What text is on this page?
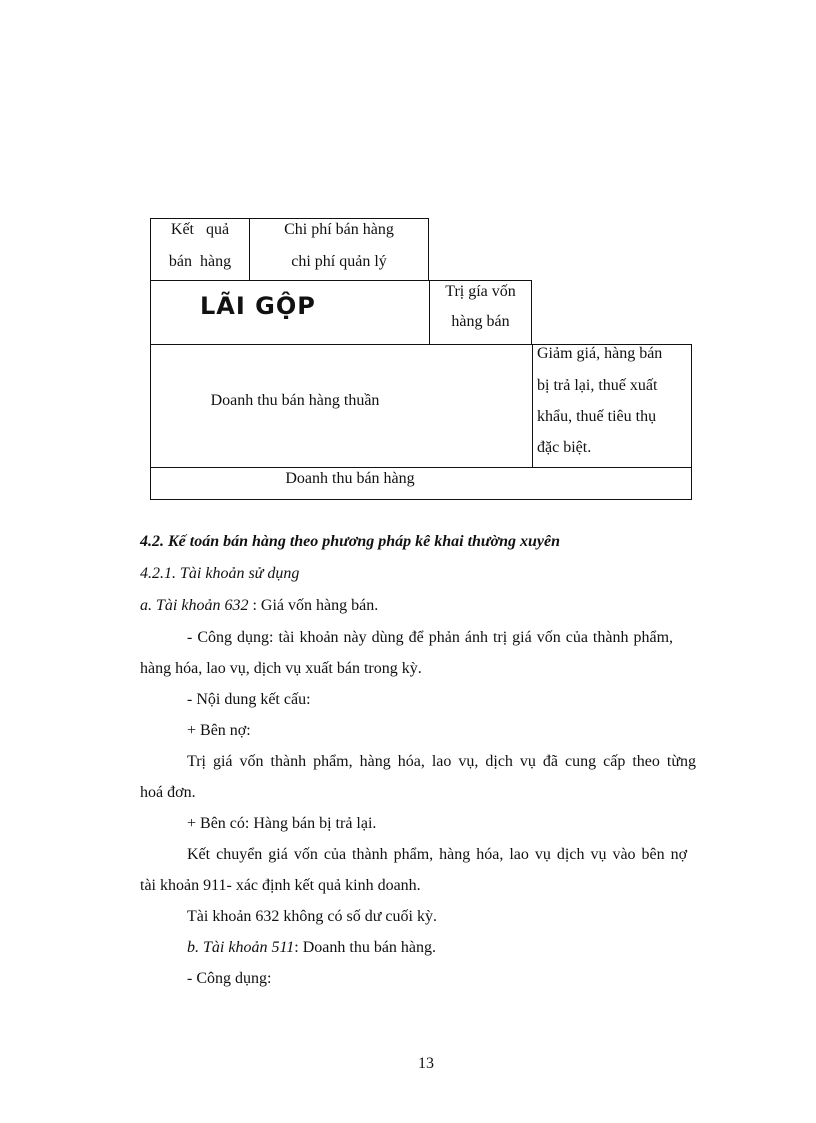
Kết   quả
bán  hàng
Chi phí bán hàng
chi phí quản lý
LÃI GỘP
Trị gía vốn
hàng bán
Doanh thu bán hàng thuần
Giảm giá, hàng bán
bị trả lại, thuế xuất
khẩu, thuế tiêu thụ
đặc biệt.
Doanh thu bán hàng
4.2. Kế toán bán hàng theo phương pháp kê khai thường xuyên
4.2.1. Tài khoản sử dụng
a. Tài khoản 632 : Giá vốn hàng bán.
- Công dụng: tài khoản này dùng để phản ánh trị giá vốn của thành phẩm,
hàng hóa, lao vụ, dịch vụ xuất bán trong kỳ.
- Nội dung kết cấu:
+ Bên nợ:
Trị giá vốn thành phẩm, hàng hóa, lao vụ, dịch vụ đã cung cấp theo từng
hoá đơn.
+ Bên có: Hàng bán bị trả lại.
Kết chuyển giá vốn của thành phẩm, hàng hóa, lao vụ dịch vụ vào bên nợ
tài khoản 911- xác định kết quả kinh doanh.
Tài khoản 632 không có số dư cuối kỳ.
b. Tài khoản 511: Doanh thu bán hàng.
- Công dụng:
13
